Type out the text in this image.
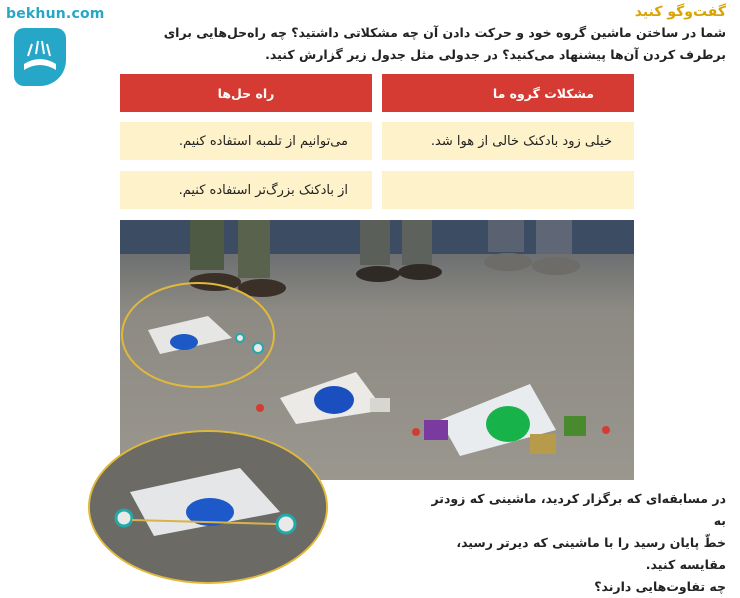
bekhun.com	گفت‌وگو کنید
شما در ساختن ماشین گروه خود و حرکت دادن آن چه مشکلاتی داشتید؟ چه راه‌حل‌هایی برای برطرف کردن آن‌ها پیشنهاد می‌کنید؟ در جدولی مثل جدول زیر گزارش کنید.
مشکلات گروه ما
راه حل‌ها
خیلی زود بادکنک خالی از هوا شد.
می‌توانیم از تلمبه استفاده کنیم.
از بادکنک بزرگ‌تر استفاده کنیم.
در مسابقه‌ای که برگزار کردید، ماشینی که زودتر به
خطّ پایان رسید را با ماشینی که دیرتر رسید، مقایسه کنید.
چه تفاوت‌هایی دارند؟
